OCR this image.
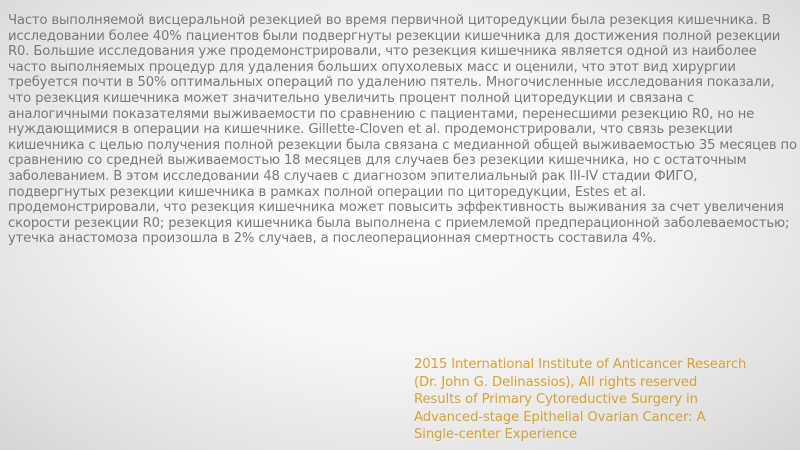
Часто выполняемой висцеральной резекцией во время первичной циторедукции была резекция кишечника. В исследовании более 40% пациентов были подвергнуты резекции кишечника для достижения полной резекции R0. Большие исследования уже продемонстрировали, что резекция кишечника является одной из наиболее часто выполняемых процедур для удаления больших опухолевых масс и оценили, что этот вид хирургии требуется почти в 50% оптимальных операций по удалению пятель. Многочисленные исследования показали, что резекция кишечника может значительно увеличить процент полной циторедукции и связана с аналогичными показателями выживаемости по сравнению с пациентами, перенесшими резекцию R0, но не нуждающимися в операции на кишечнике. Gillette-Cloven et al. продемонстрировали, что связь резекции кишечника с целью получения полной резекции была связана с медианной общей выживаемостью 35 месяцев по сравнению со средней выживаемостью 18 месяцев для случаев без резекции кишечника, но с остаточным заболеванием. В этом исследовании 48 случаев с диагнозом эпителиальный рак III-IV стадии ФИГО, подвергнутых резекции кишечника в рамках полной операции по циторедукции, Estes et al. продемонстрировали, что резекция кишечника может повысить эффективность выживания за счет увеличения скорости резекции R0; резекция кишечника была выполнена с приемлемой предперационной заболеваемостью; утечка анастомоза произошла в 2% случаев, а послеоперационная смертность составила 4%.

2015 International Institute of Anticancer Research
(Dr. John G. Delinassios), All rights reserved
Results of Primary Cytoreductive Surgery in
Advanced-stage Epithelial Ovarian Cancer: A
Single-center Experience
